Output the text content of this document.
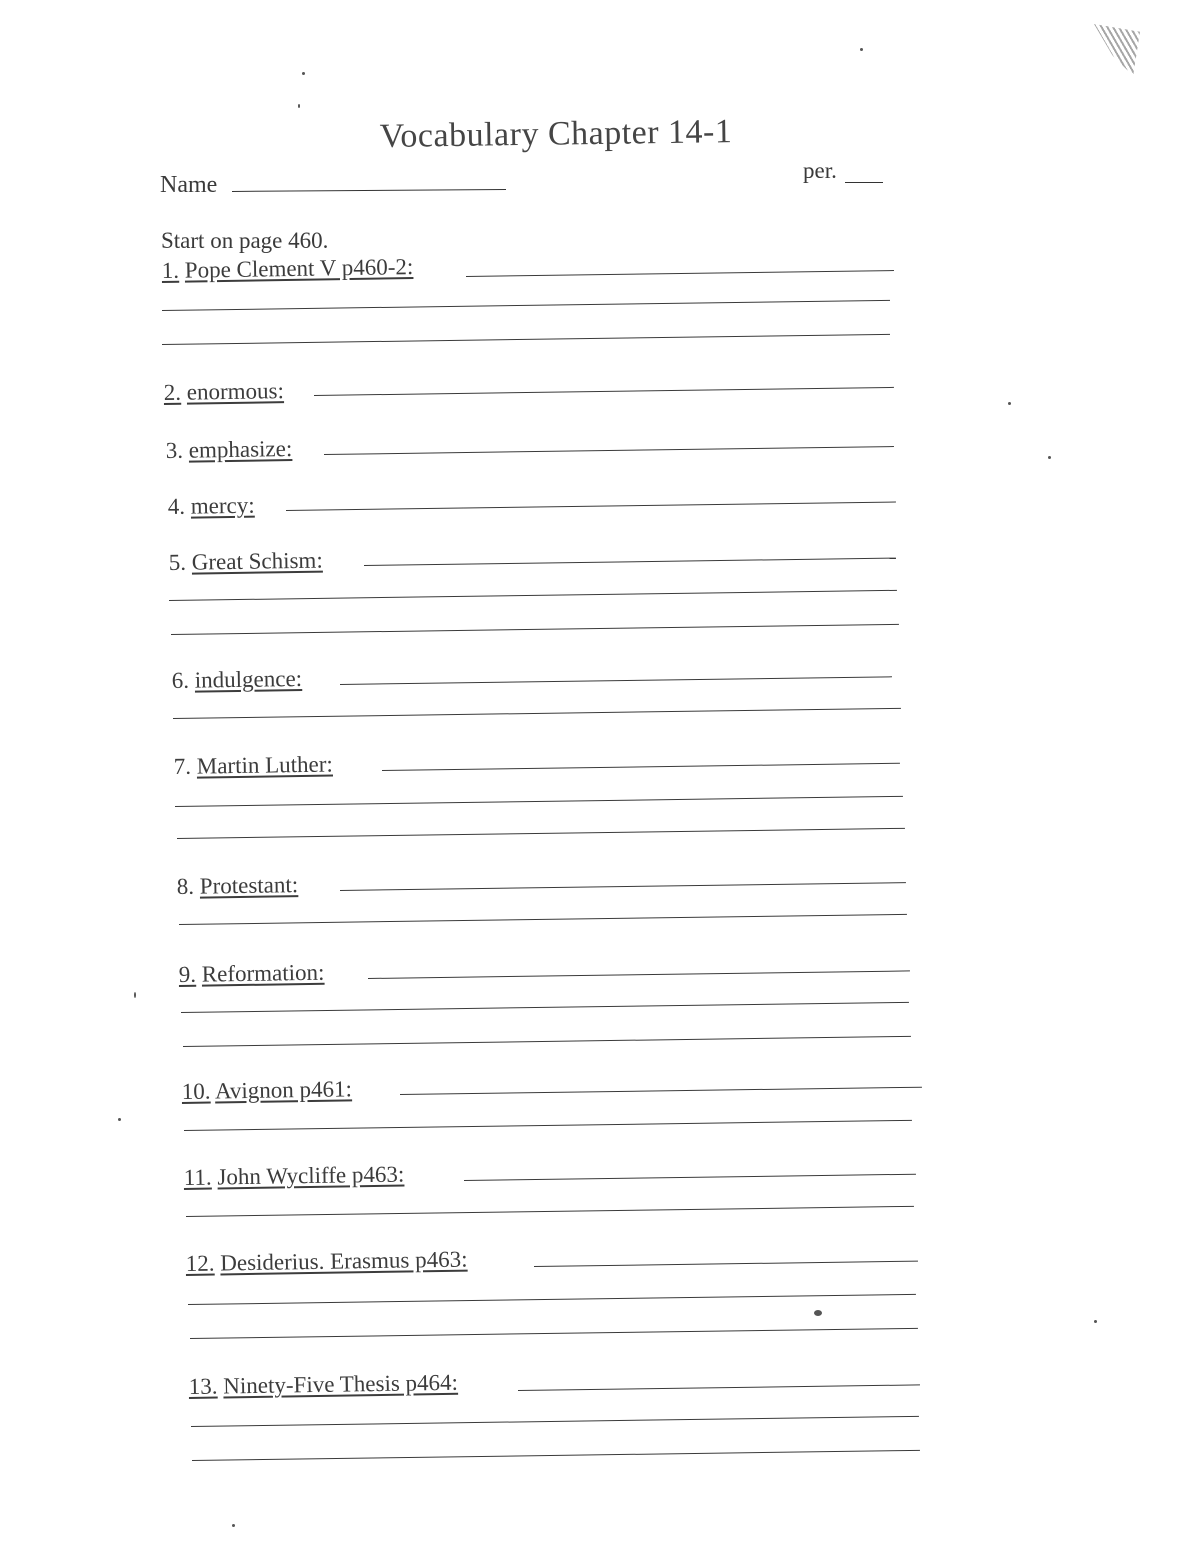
Vocabulary Chapter 14-1
Name
per.
Start on page 460.
1. Pope Clement V p460-2:
2. enormous:
3. emphasize:
4. mercy:
5. Great Schism:
6. indulgence:
7. Martin Luther:
8. Protestant:
9. Reformation:
10. Avignon p461:
11. John Wycliffe p463:
12. Desiderius. Erasmus p463:
13. Ninety-Five Thesis p464:
